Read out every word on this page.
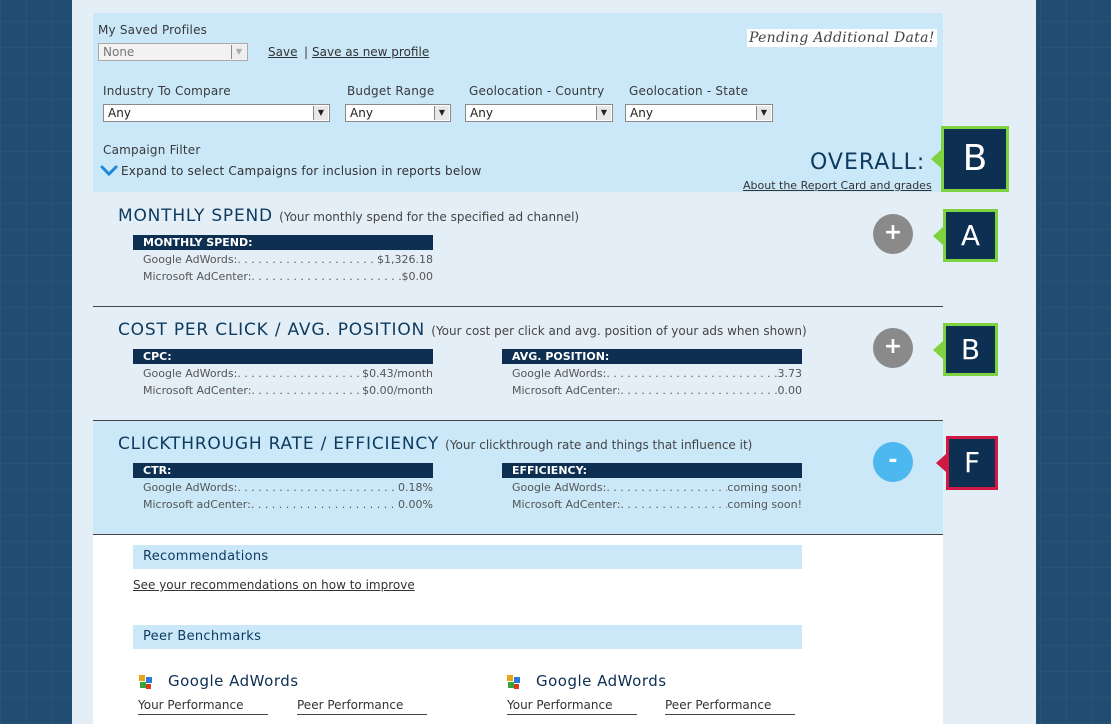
My Saved Profiles
None	▼	Save | Save as new profile
Pending Additional Data!
Industry To Compare
Any	▼
Budget Range
Any	▼
Geolocation - Country
Any	▼
Geolocation - State
Any	▼
Campaign Filter
Expand to select Campaigns for inclusion in reports below	OVERALL:
About the Report Card and grades
B
MONTHLY SPEND (Your monthly spend for the specified ad channel)
MONTHLY SPEND:
Google AdWords: . . .	$1,326.18
Microsoft AdCenter: . . .	$0.00
+	A
COST PER CLICK / AVG. POSITION (Your cost per click and avg. position of your ads when shown)
CPC:
Google AdWords: . . .	$0.43/month
Microsoft AdCenter: . . .	$0.00/month
AVG. POSITION:
Google AdWords: . . .	3.73
Microsoft AdCenter: . . .	0.00
+	B
CLICKTHROUGH RATE / EFFICIENCY (Your clickthrough rate and things that influence it)
CTR:
Google AdWords: . . .	0.18%
Microsoft adCenter: . . .	0.00%
EFFICIENCY:
Google AdWords: . . .	coming soon!
Microsoft AdCenter: . . .	coming soon!
-	F
Recommendations
See your recommendations on how to improve
Peer Benchmarks
Google AdWords
Your Performance	Peer Performance
Google AdWords
Your Performance	Peer Performance
